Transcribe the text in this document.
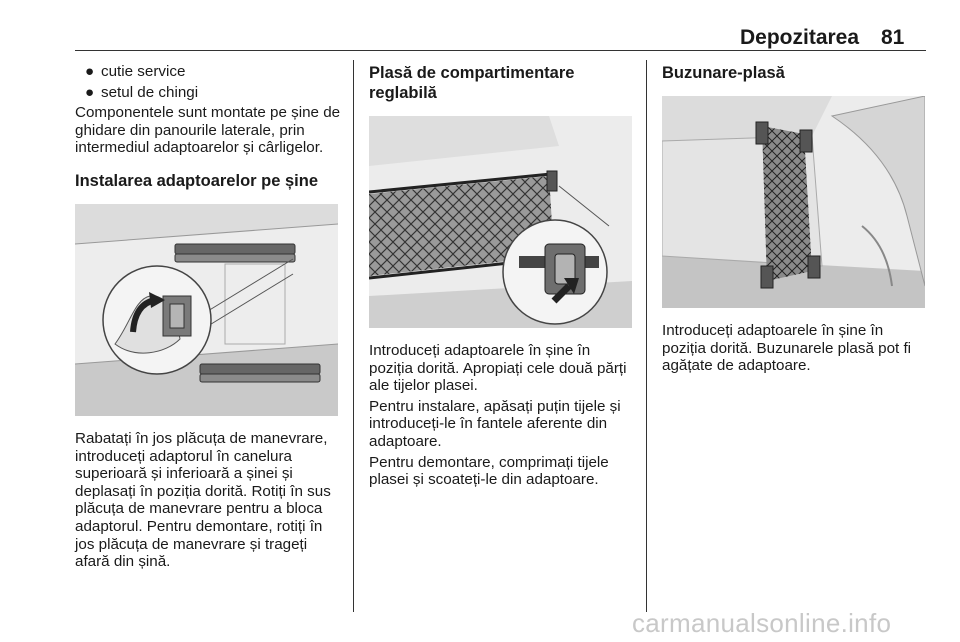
Depozitarea 81
● cutie service
● setul de chingi

Componentele sunt montate pe șine de ghidare din panourile laterale, prin intermediul adaptoarelor și cârligelor.

Instalarea adaptoarelor pe șine

Rabatați în jos plăcuța de manevrare, introduceți adaptorul în canelura superioară și inferioară a șinei și deplasați în poziția dorită. Rotiți în sus plăcuța de manevrare pentru a bloca adaptorul. Pentru demontare, rotiți în jos plăcuța de manevrare și trageți afară din șină.

Plasă de compartimentare reglabilă

Introduceți adaptoarele în șine în poziția dorită. Apropiați cele două părți ale tijelor plasei.

Pentru instalare, apăsați puțin tijele și introduceți-le în fantele aferente din adaptoare.

Pentru demontare, comprimați tijele plasei și scoateți-le din adaptoare.

Buzunare-plasă

Introduceți adaptoarele în șine în poziția dorită. Buzunarele plasă pot fi agățate de adaptoare.

carmanualsonline.info
